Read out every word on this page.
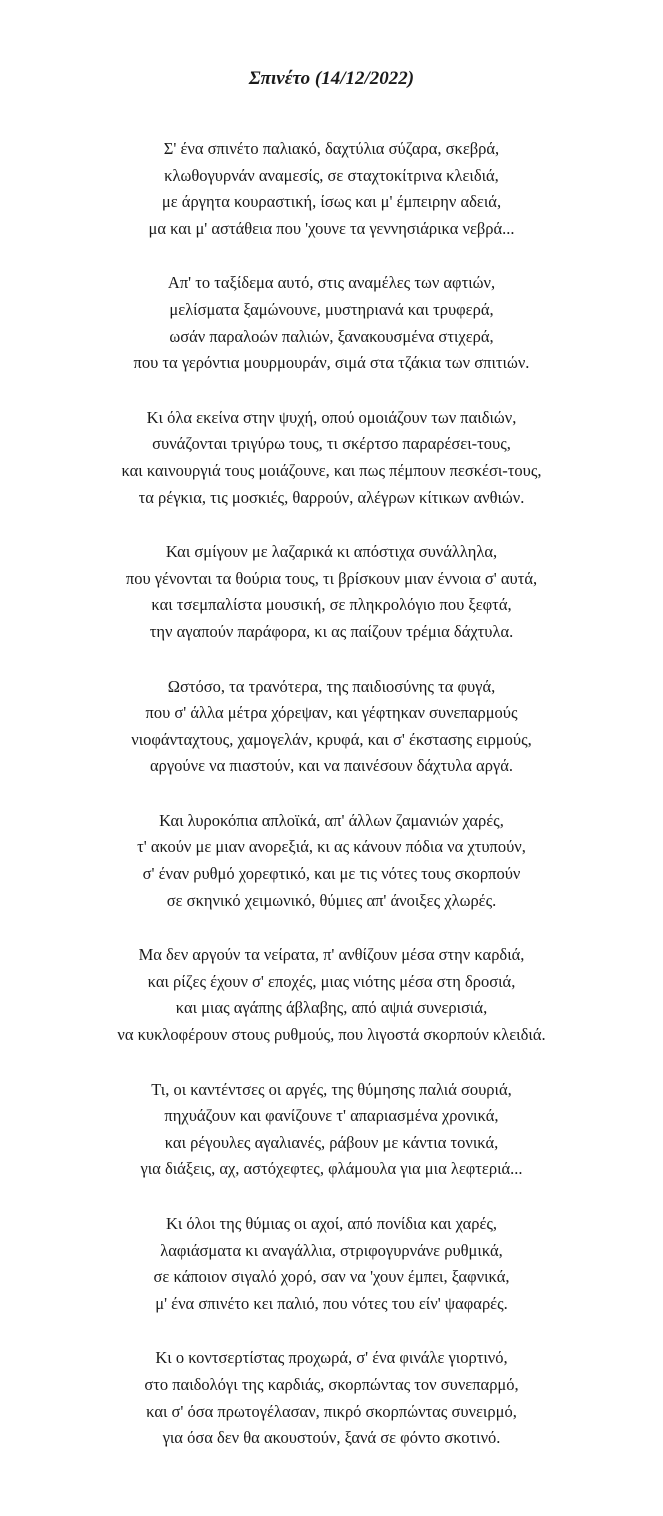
Σπινέτο (14/12/2022)
Σ' ένα σπινέτο παλιακό, δαχτύλια σύζαρα, σκεβρά,
κλωθογυρνάν αναμεσίς, σε σταχτοκίτρινα κλειδιά,
με άργητα κουραστική, ίσως και μ' έμπειρην αδειά,
μα και μ' αστάθεια που 'χουνε τα γεννησιάρικα νεβρά...
Απ' το ταξίδεμα αυτό, στις αναμέλες των αφτιών,
μελίσματα ξαμώνουνε, μυστηριανά και τρυφερά,
ωσάν παραλοών παλιών, ξανακουσμένα στιχερά,
που τα γερόντια μουρμουράν, σιμά στα τζάκια των σπιτιών.
Κι όλα εκείνα στην ψυχή, οπού ομοιάζουν των παιδιών,
συνάζονται τριγύρω τους, τι σκέρτσο παραρέσει-τους,
και καινουργιά τους μοιάζουνε, και πως πέμπουν πεσκέσι-τους,
τα ρέγκια, τις μοσκιές, θαρρούν, αλέγρων κίτικων ανθιών.
Και σμίγουν με λαζαρικά κι απόστιχα συνάλληλα,
που γένονται τα θούρια τους, τι βρίσκουν μιαν έννοια σ' αυτά,
και τσεμπαλίστα μουσική, σε πληκρολόγιο που ξεφτά,
την αγαπούν παράφορα, κι ας παίζουν τρέμια δάχτυλα.
Ωστόσο, τα τρανότερα, της παιδιοσύνης τα φυγά,
που σ' άλλα μέτρα χόρεψαν, και γέφτηκαν συνεπαρμούς
νιοφάνταχτους, χαμογελάν, κρυφά, και σ' έκστασης ειρμούς,
αργούνε να πιαστούν, και να παινέσουν δάχτυλα αργά.
Και λυροκόπια απλοϊκά, απ' άλλων ζαμανιών χαρές,
τ' ακούν με μιαν ανορεξιά, κι ας κάνουν πόδια να χτυπούν,
σ' έναν ρυθμό χορεφτικό, και με τις νότες τους σκορπούν
σε σκηνικό χειμωνικό, θύμιες απ' άνοιξες χλωρές.
Μα δεν αργούν τα νείρατα, π' ανθίζουν μέσα στην καρδιά,
και ρίζες έχουν σ' εποχές, μιας νιότης μέσα στη δροσιά,
και μιας αγάπης άβλαβης, από αψιά συνερισιά,
να κυκλοφέρουν στους ρυθμούς, που λιγοστά σκορπούν κλειδιά.
Τι, οι καντέντσες οι αργές, της θύμησης παλιά σουριά,
πηχυάζουν και φανίζουνε τ' απαριασμένα χρονικά,
και ρέγουλες αγαλιανές, ράβουν με κάντια τονικά,
για διάξεις, αχ, αστόχεφτες, φλάμουλα για μια λεφτεριά...
Κι όλοι της θύμιας οι αχοί, από πονίδια και χαρές,
λαφιάσματα κι αναγάλλια, στριφογυρνάνε ρυθμικά,
σε κάποιον σιγαλό χορό, σαν να 'χουν έμπει, ξαφνικά,
μ' ένα σπινέτο κει παλιό, που νότες του είν' ψαφαρές.
Κι ο κοντσερτίστας προχωρά, σ' ένα φινάλε γιορτινό,
στο παιδολόγι της καρδιάς, σκορπώντας τον συνεπαρμό,
και σ' όσα πρωτογέλασαν, πικρό σκορπώντας συνειρμό,
για όσα δεν θα ακουστούν, ξανά σε φόντο σκοτινό.
